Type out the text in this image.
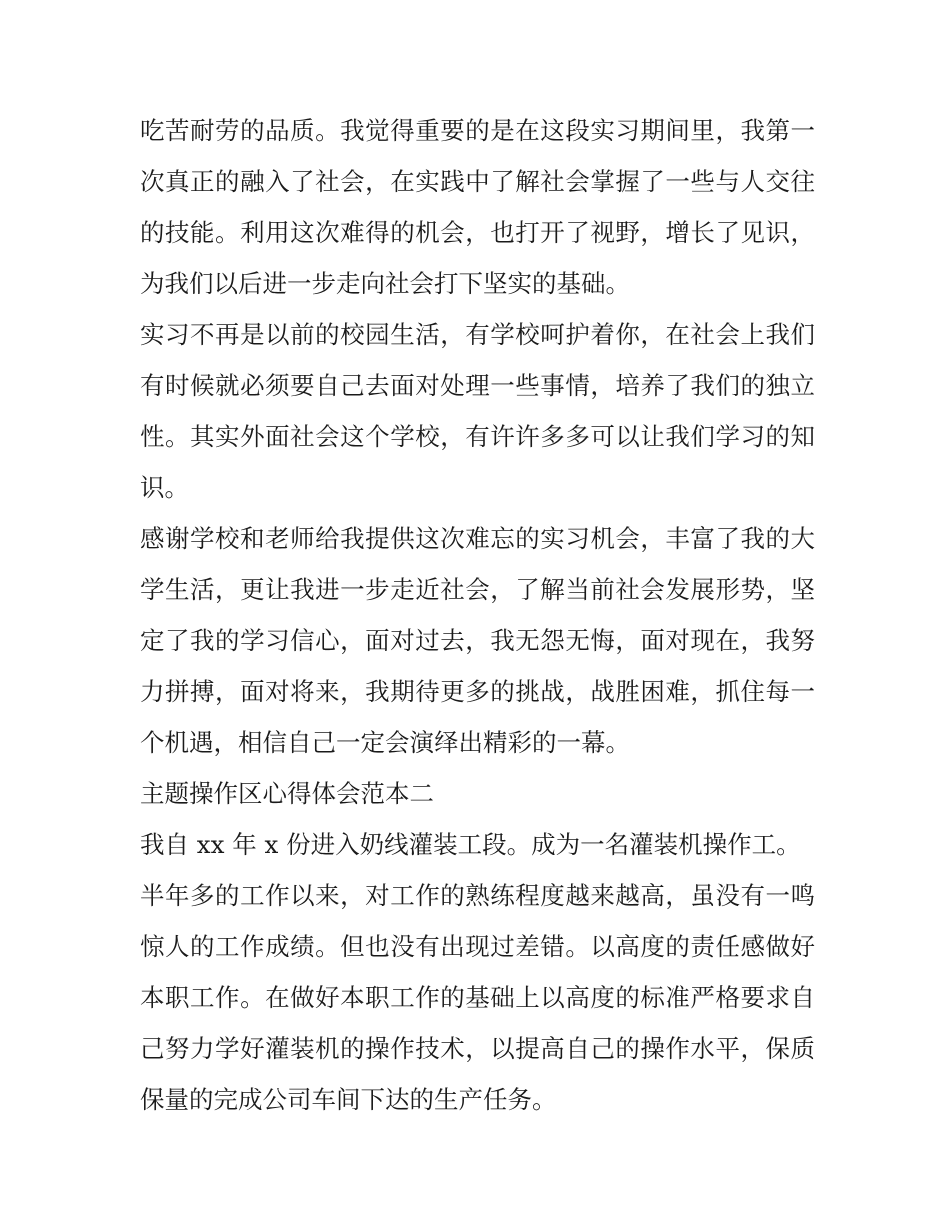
吃苦耐劳的品质。我觉得重要的是在这段实习期间里，我第一
次真正的融入了社会，在实践中了解社会掌握了一些与人交往
的技能。利用这次难得的机会，也打开了视野，增长了见识，
为我们以后进一步走向社会打下坚实的基础。
实习不再是以前的校园生活，有学校呵护着你，在社会上我们
有时候就必须要自己去面对处理一些事情，培养了我们的独立
性。其实外面社会这个学校，有许许多多可以让我们学习的知
识。
感谢学校和老师给我提供这次难忘的实习机会，丰富了我的大
学生活，更让我进一步走近社会，了解当前社会发展形势，坚
定了我的学习信心，面对过去，我无怨无悔，面对现在，我努
力拼搏，面对将来，我期待更多的挑战，战胜困难，抓住每一
个机遇，相信自己一定会演绎出精彩的一幕。
主题操作区心得体会范本二
我自 xx 年 x 份进入奶线灌装工段。成为一名灌装机操作工。
半年多的工作以来，对工作的熟练程度越来越高，虽没有一鸣
惊人的工作成绩。但也没有出现过差错。以高度的责任感做好
本职工作。在做好本职工作的基础上以高度的标准严格要求自
己努力学好灌装机的操作技术，以提高自己的操作水平，保质
保量的完成公司车间下达的生产任务。
